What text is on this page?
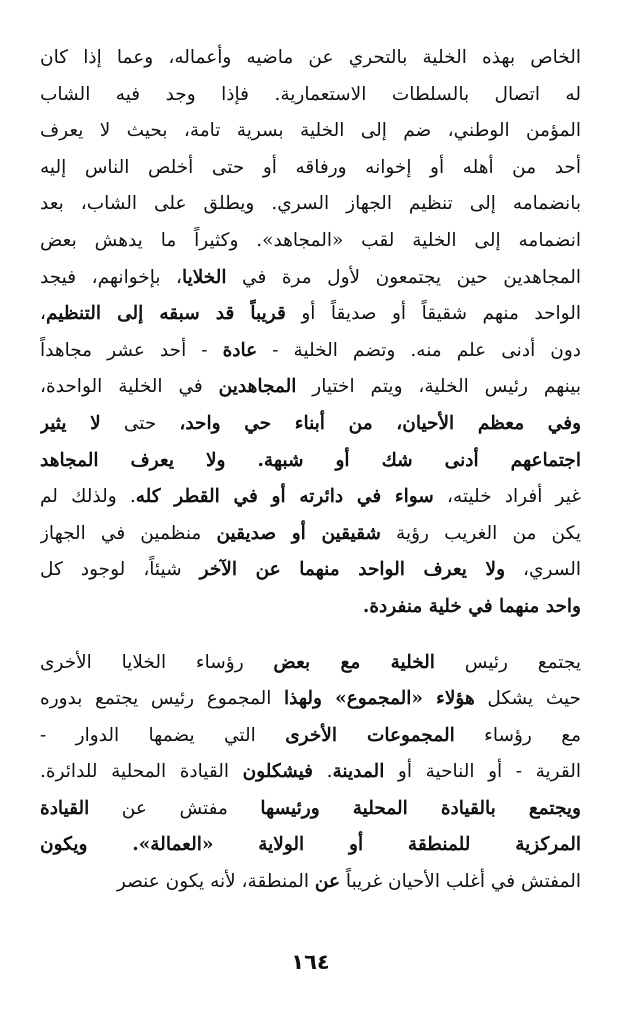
الخاص بهذه الخلية بالتحري عن ماضيه وأعماله، وعما إذا كان
له اتصال بالسلطات الاستعمارية. فإذا وجد فيه الشاب
المؤمن الوطني، ضم إلى الخلية بسرية تامة، بحيث لا يعرف
أحد من أهله أو إخوانه ورفاقه أو حتى أخلص الناس إليه
بانضمامه إلى تنظيم الجهاز السري. ويطلق على الشاب، بعد
انضمامه إلى الخلية لقب «المجاهد». وكثيراً ما يدهش بعض
المجاهدين حين يجتمعون لأول مرة في الخلايا، بإخوانهم، فيجد
الواحد منهم شقيقاً أو صديقاً أو قريباً قد سبقه إلى التنظيم،
دون أدنى علم منه. وتضم الخلية - عادة - أحد عشر مجاهداً
بينهم رئيس الخلية، ويتم اختيار المجاهدين في الخلية الواحدة،
وفي معظم الأحيان، من أبناء حي واحد، حتى لا يثير
اجتماعهم أدنى شك أو شبهة. ولا يعرف المجاهد
غير أفراد خليته، سواء في دائرته أو في القطر كله. ولذلك لم
يكن من الغريب رؤية شقيقين أو صديقين منظمين في الجهاز
السري، ولا يعرف الواحد منهما عن الآخر شيئاً، لوجود كل
واحد منهما في خلية منفردة.
يجتمع رئيس الخلية مع بعض رؤساء الخلايا الأخرى
حيث يشكل هؤلاء «المجموع» ولهذا المجموع رئيس يجتمع بدوره
مع رؤساء المجموعات الأخرى التي يضمها الدوار -
القرية - أو الناحية أو المدينة. فيشكلون القيادة المحلية للدائرة.
ويجتمع بالقيادة المحلية ورئيسها مفتش عن القيادة
المركزية للمنطقة أو الولاية «العمالة». ويكون
المفتش في أغلب الأحيان غريباً عن المنطقة، لأنه يكون عنصر
١٦٤
